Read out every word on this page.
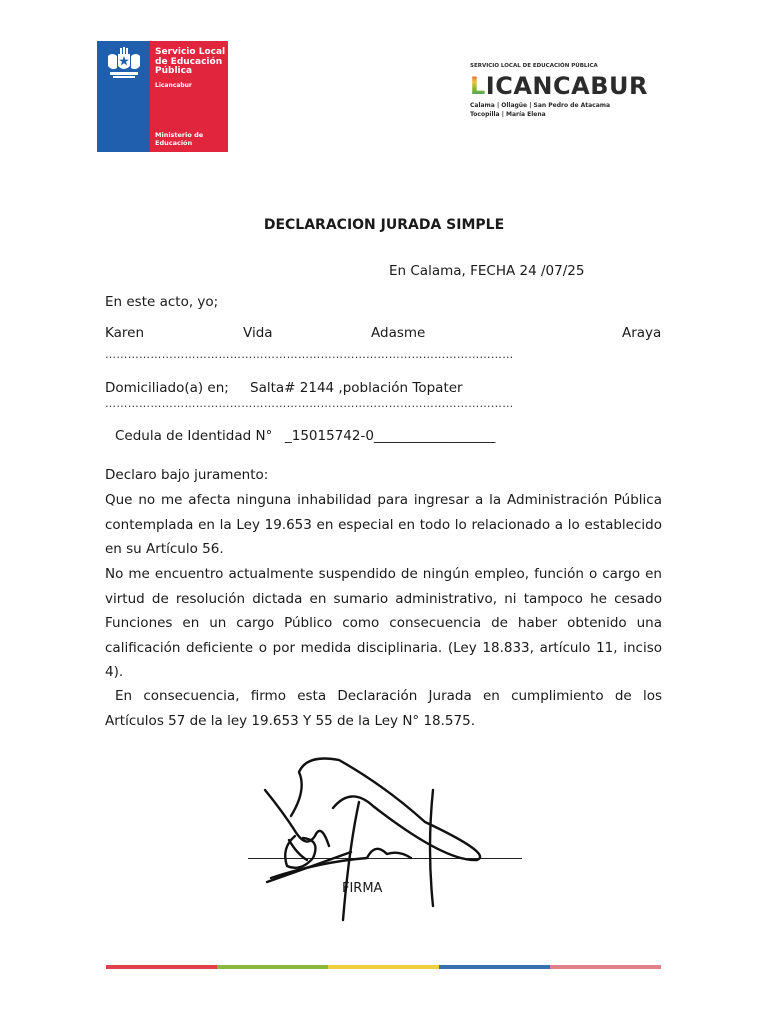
Servicio Local de Educación Pública
Licancabur
Ministerio de Educación
SERVICIO LOCAL DE EDUCACIÓN PÚBLICA
LICANCABUR
Calama | Ollagüe | San Pedro de Atacama
Tocopilla | María Elena
DECLARACION JURADA SIMPLE
En Calama, FECHA 24 /07/25
En este acto, yo;
Karen	Vida	Adasme	Araya
………………………………………………………………………………………………
Domiciliado(a) en; Salta# 2144 ,población Topater
………………………………………………………………………………………………
Cedula de Identidad N° _15015742-0__________________
Declaro bajo juramento:
Que no me afecta ninguna inhabilidad para ingresar a la Administración Pública contemplada en la Ley 19.653 en especial en todo lo relacionado a lo establecido en su Artículo 56.
No me encuentro actualmente suspendido de ningún empleo, función o cargo en virtud de resolución dictada en sumario administrativo, ni tampoco he cesado Funciones en un cargo Público como consecuencia de haber obtenido una calificación deficiente o por medida disciplinaria. (Ley 18.833, artículo 11, inciso 4).
En consecuencia, firmo esta Declaración Jurada en cumplimiento de los Artículos 57 de la ley 19.653 Y 55 de la Ley N° 18.575.
FIRMA
